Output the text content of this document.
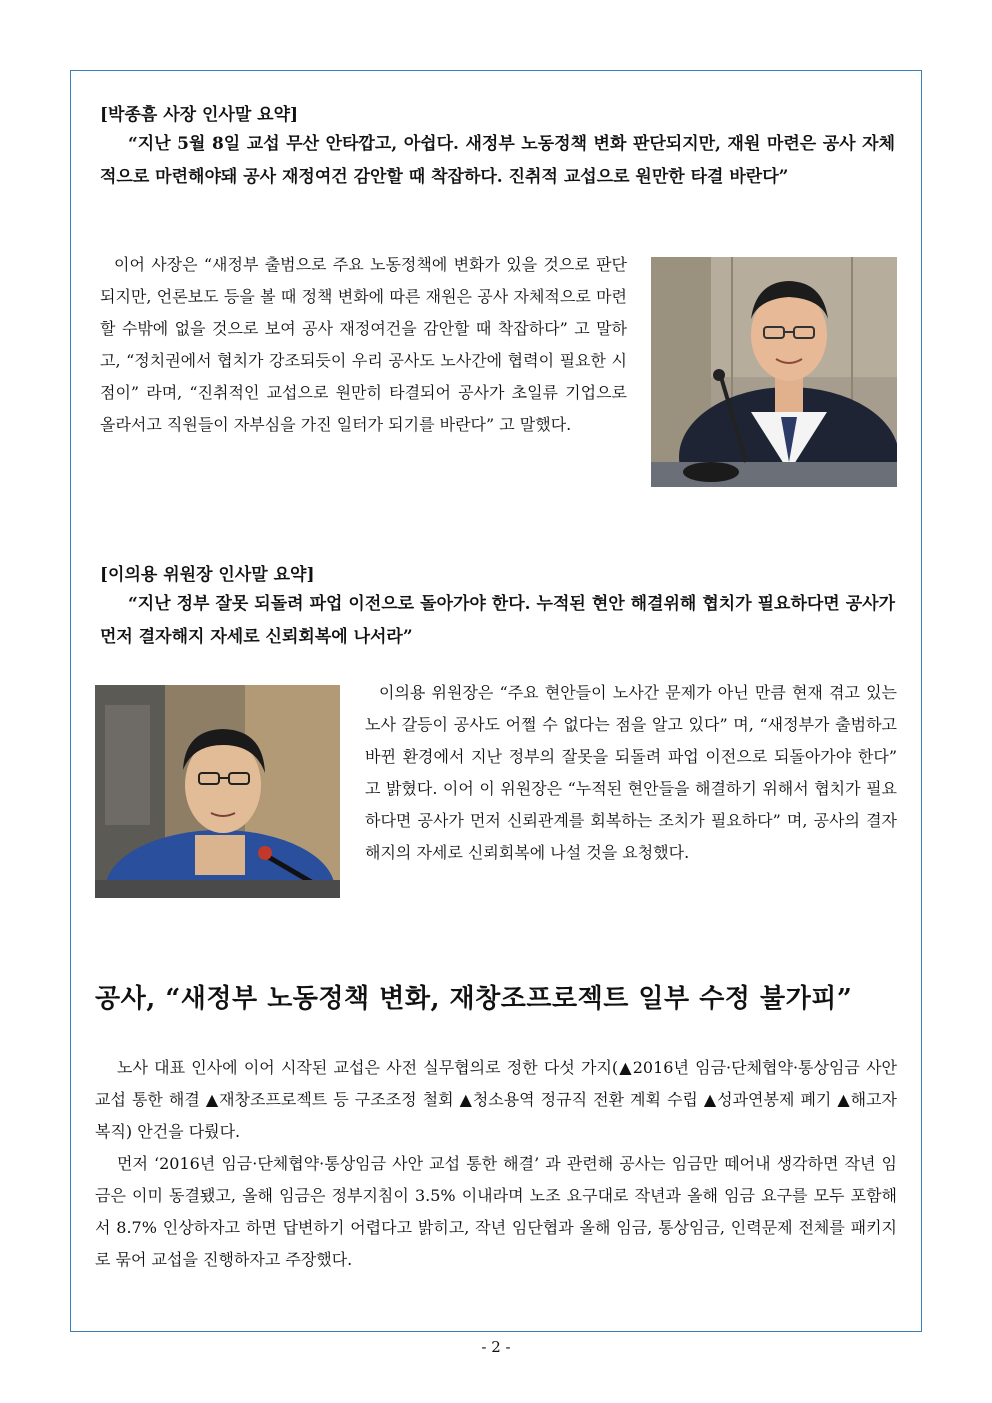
[박종흠 사장 인사말 요약]
“지난 5월 8일 교섭 무산 안타깝고, 아쉽다. 새정부 노동정책 변화 판단되지만, 재원 마련은 공사 자체적으로 마련해야돼 공사 재정여건 감안할 때 착잡하다. 진취적 교섭으로 원만한 타결 바란다”
이어 사장은 “새정부 출범으로 주요 노동정책에 변화가 있을 것으로 판단되지만, 언론보도 등을 볼 때 정책 변화에 따른 재원은 공사 자체적으로 마련할 수밖에 없을 것으로 보여 공사 재정여건을 감안할 때 착잡하다” 고 말하고, “정치권에서 협치가 강조되듯이 우리 공사도 노사간에 협력이 필요한 시점이” 라며, “진취적인 교섭으로 원만히 타결되어 공사가 초일류 기업으로 올라서고 직원들이 자부심을 가진 일터가 되기를 바란다” 고 말했다.
[이의용 위원장 인사말 요약]
“지난 정부 잘못 되돌려 파업 이전으로 돌아가야 한다. 누적된 현안 해결위해 협치가 필요하다면 공사가 먼저 결자해지 자세로 신뢰회복에 나서라”
이의용 위원장은 “주요 현안들이 노사간 문제가 아닌 만큼 현재 겪고 있는 노사 갈등이 공사도 어쩔 수 없다는 점을 알고 있다” 며, “새정부가 출범하고 바뀐 환경에서 지난 정부의 잘못을 되돌려 파업 이전으로 되돌아가야 한다” 고 밝혔다. 이어 이 위원장은 “누적된 현안들을 해결하기 위해서 협치가 필요하다면 공사가 먼저 신뢰관계를 회복하는 조치가 필요하다” 며, 공사의 결자해지의 자세로 신뢰회복에 나설 것을 요청했다.
공사, “새정부 노동정책 변화, 재창조프로젝트 일부 수정 불가피”
노사 대표 인사에 이어 시작된 교섭은 사전 실무협의로 정한 다섯 가지(▲2016년 임금·단체협약·통상임금 사안 교섭 통한 해결 ▲재창조프로젝트 등 구조조정 철회 ▲청소용역 정규직 전환 계획 수립 ▲성과연봉제 폐기 ▲해고자 복직) 안건을 다뤘다.
먼저 ‘2016년 임금·단체협약·통상임금 사안 교섭 통한 해결’ 과 관련해 공사는 임금만 떼어내 생각하면 작년 임금은 이미 동결됐고, 올해 임금은 정부지침이 3.5% 이내라며 노조 요구대로 작년과 올해 임금 요구를 모두 포함해서 8.7% 인상하자고 하면 답변하기 어렵다고 밝히고, 작년 임단협과 올해 임금, 통상임금, 인력문제 전체를 패키지로 묶어 교섭을 진행하자고 주장했다.
- 2 -
